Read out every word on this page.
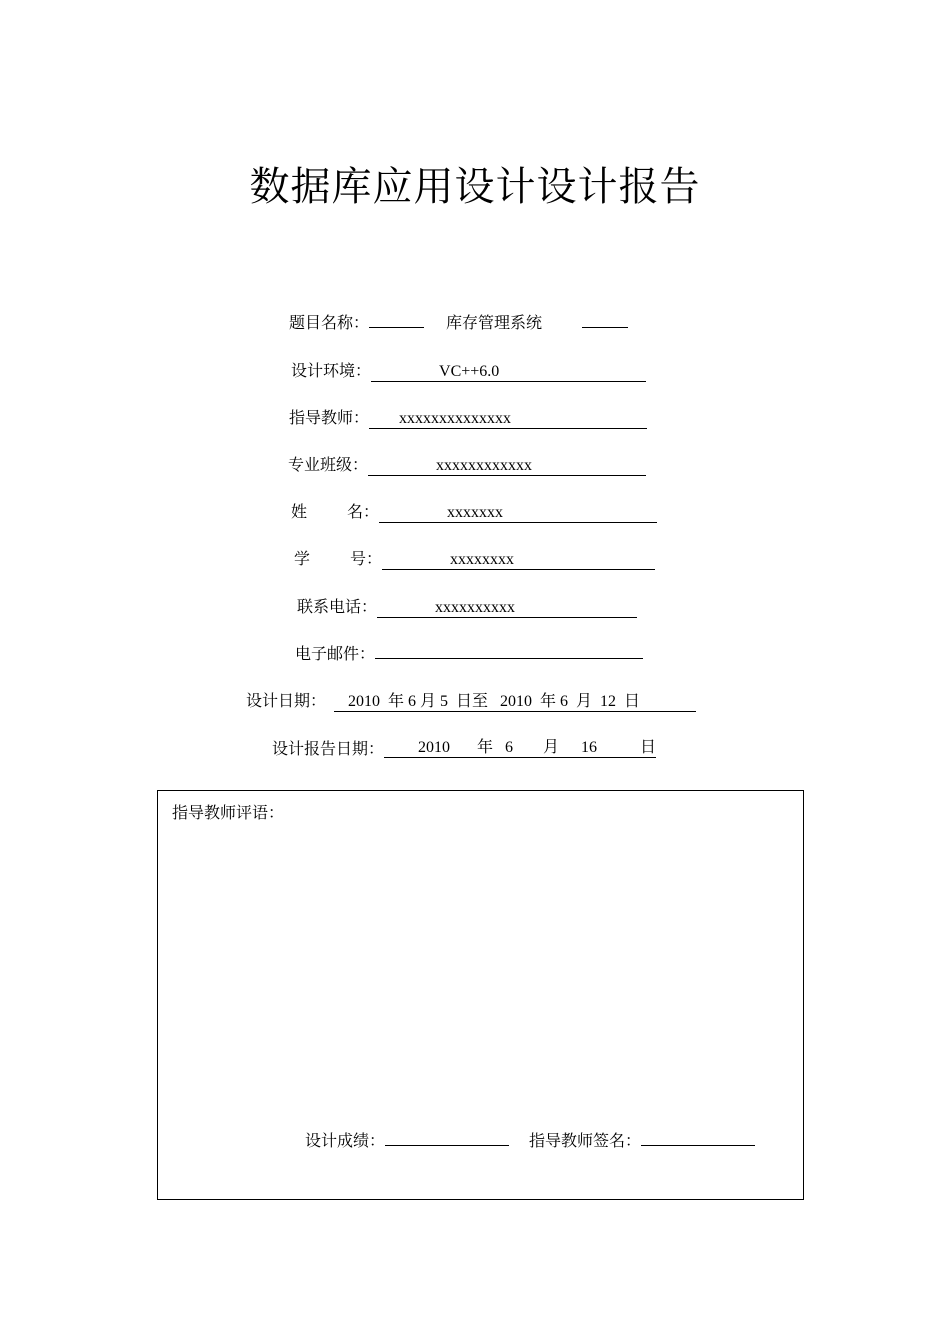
数据库应用设计设计报告
题目名称：	库存管理系统
设计环境：	VC++6.0
指导教师： xxxxxxxxxxxxxx
专业班级：	xxxxxxxxxxxx
姓	名：	xxxxxxx
学	号：	xxxxxxxx
联系电话：	xxxxxxxxxx
电子邮件：
设计日期： 2010  年 6 月 5  日至   2010  年 6  月  12  日
设计报告日期： 2010 年 6 月 16	日
指导教师评语：
设计成绩：	指导教师签名：
